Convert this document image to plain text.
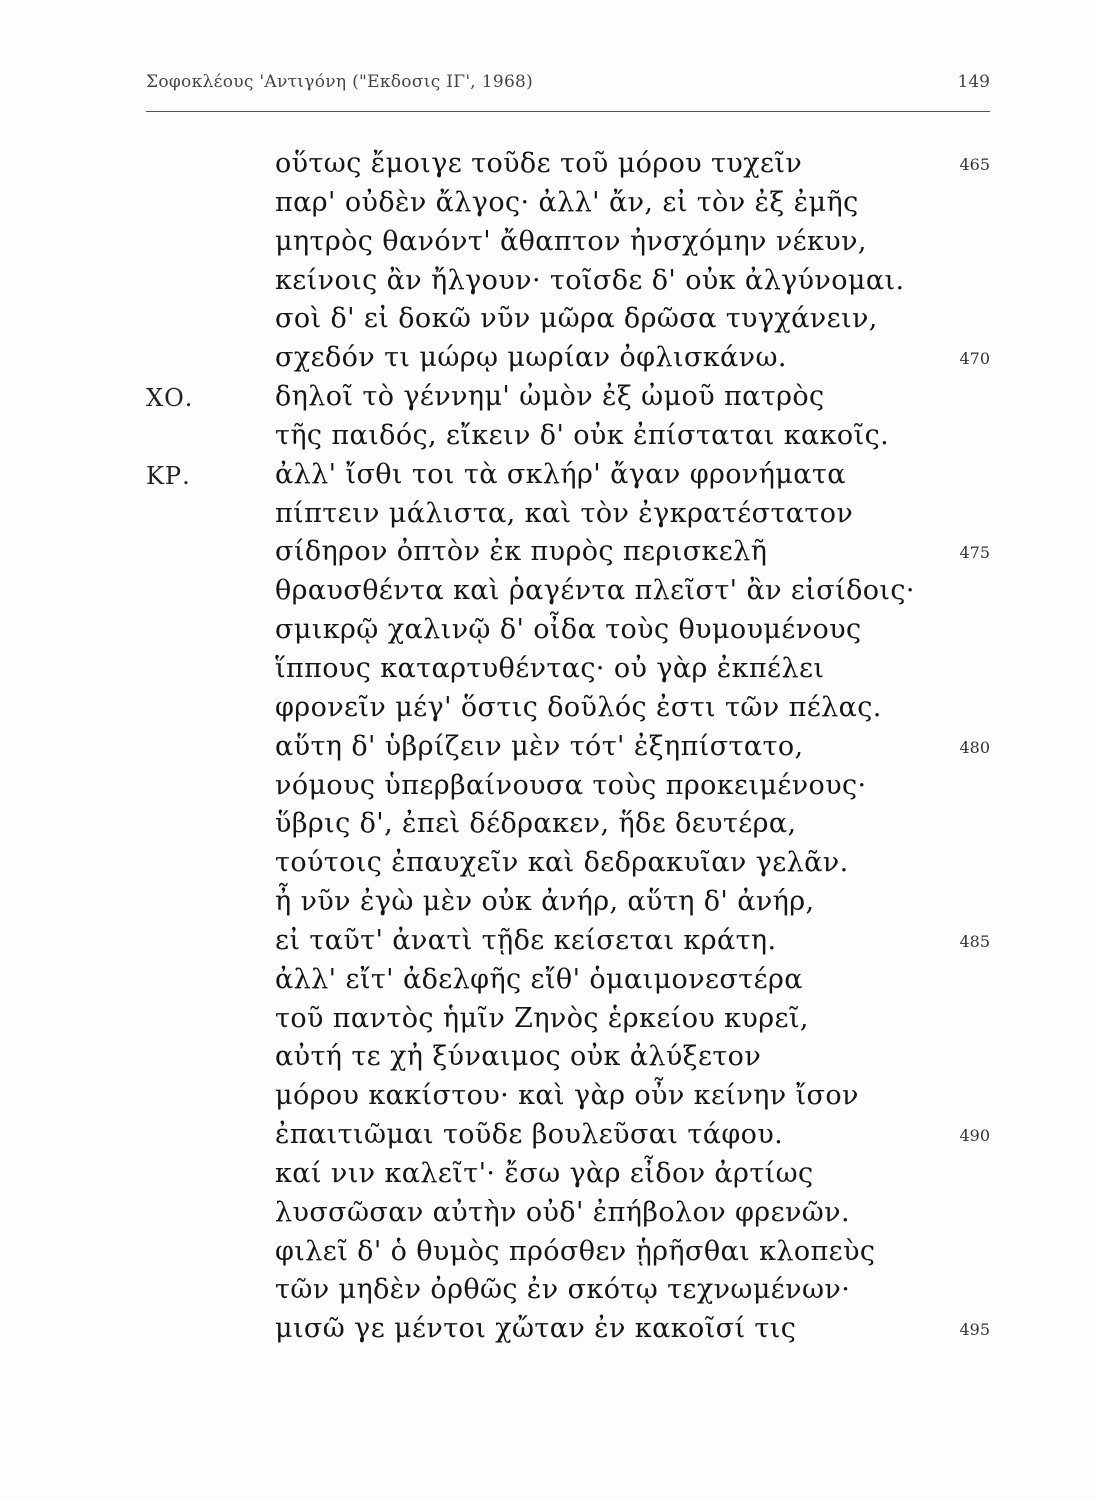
Σοφοκλέους 'Αντιγόνη ("Εκδοσις ΙΓ', 1968)	149
οὕτως ἔμοιγε τοῦδε τοῦ μόρου τυχεῖν	465
παρ' οὐδὲν ἄλγος· ἀλλ' ἄν, εἰ τὸν ἐξ ἐμῆς
μητρὸς θανόντ' ἄθαπτον ἠνσχόμην νέκυν,
κείνοις ἂν ἤλγουν· τοῖσδε δ' οὐκ ἀλγύνομαι.
σοὶ δ' εἰ δοκῶ νῦν μῶρα δρῶσα τυγχάνειν,
σχεδόν τι μώρῳ μωρίαν ὀφλισκάνω.	470
ΧΟ.	δηλοῖ τὸ γέννημ' ὠμὸν ἐξ ὠμοῦ πατρὸς
τῆς παιδός, εἴκειν δ' οὐκ ἐπίσταται κακοῖς.
ΚΡ.	ἀλλ' ἴσθι τοι τὰ σκλήρ' ἄγαν φρονήματα
πίπτειν μάλιστα, καὶ τὸν ἐγκρατέστατον
σίδηρον ὀπτὸν ἐκ πυρὸς περισκελῆ	475
θραυσθέντα καὶ ῥαγέντα πλεῖστ' ἂν εἰσίδοις·
σμικρῷ χαλινῷ δ' οἶδα τοὺς θυμουμένους
ἵππους καταρτυθέντας· οὐ γὰρ ἐκπέλει
φρονεῖν μέγ' ὅστις δοῦλός ἐστι τῶν πέλας.
αὕτη δ' ὑβρίζειν μὲν τότ' ἐξηπίστατο,	480
νόμους ὑπερβαίνουσα τοὺς προκειμένους·
ὕβρις δ', ἐπεὶ δέδρακεν, ἥδε δευτέρα,
τούτοις ἐπαυχεῖν καὶ δεδρακυῖαν γελᾶν.
ἦ νῦν ἐγὼ μὲν οὐκ ἀνήρ, αὕτη δ' ἀνήρ,
εἰ ταῦτ' ἀνατὶ τῇδε κείσεται κράτη.	485
ἀλλ' εἴτ' ἀδελφῆς εἴθ' ὁμαιμονεστέρα
τοῦ παντὸς ἡμῖν Ζηνὸς ἑρκείου κυρεῖ,
αὐτή τε χἠ ξύναιμος οὐκ ἀλύξετον
μόρου κακίστου· καὶ γὰρ οὖν κείνην ἴσον
ἐπαιτιῶμαι τοῦδε βουλεῦσαι τάφου.	490
καί νιν καλεῖτ'· ἔσω γὰρ εἶδον ἀρτίως
λυσσῶσαν αὐτὴν οὐδ' ἐπήβολον φρενῶν.
φιλεῖ δ' ὁ θυμὸς πρόσθεν ᾑρῆσθαι κλοπεὺς
τῶν μηδὲν ὀρθῶς ἐν σκότῳ τεχνωμένων·
μισῶ γε μέντοι χὤταν ἐν κακοῖσί τις	495
